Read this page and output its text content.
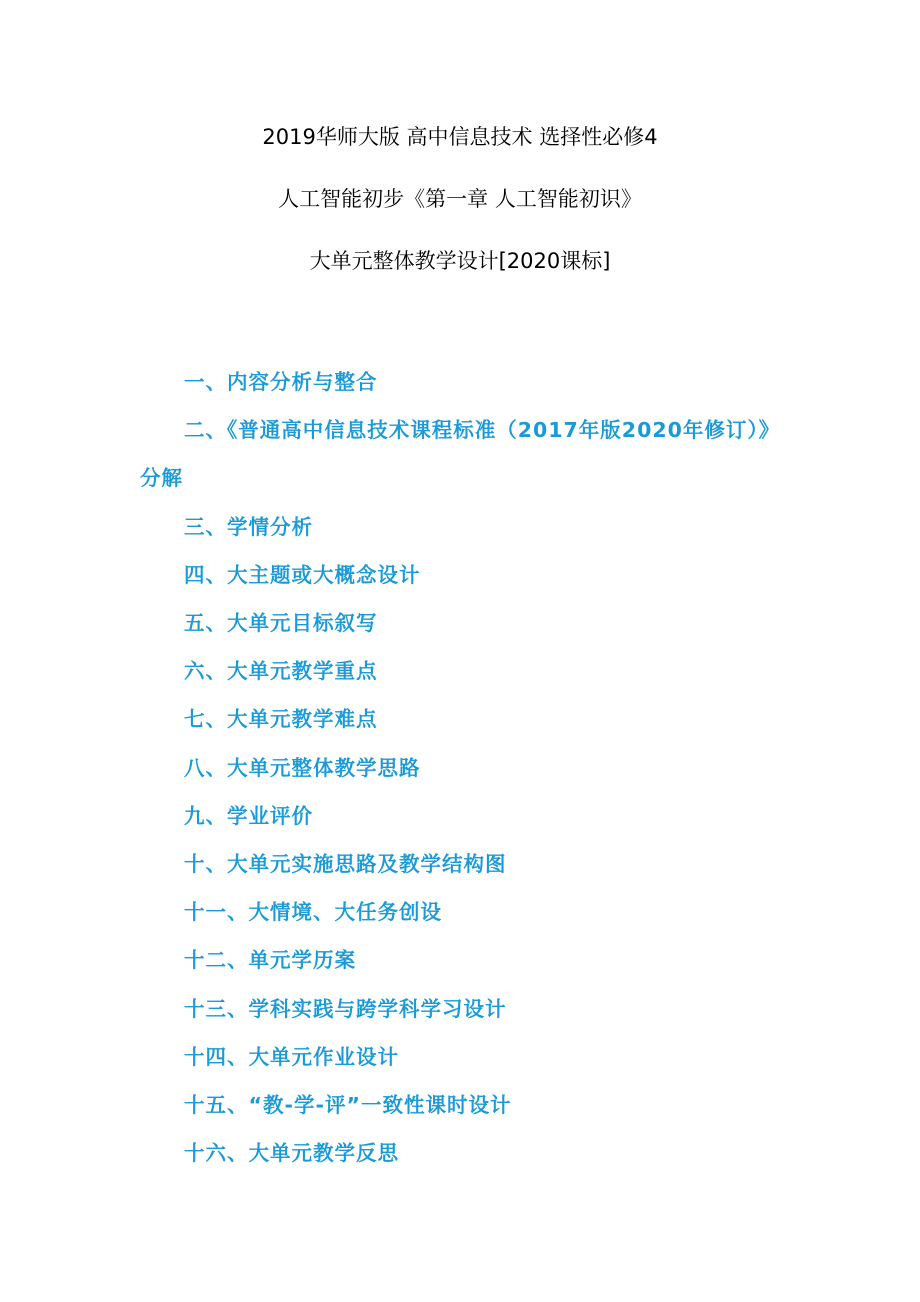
2019华师大版 高中信息技术 选择性必修4

人工智能初步《第一章 人工智能初识》

大单元整体教学设计[2020课标]

一、内容分析与整合
二、《普通高中信息技术课程标准（2017年版2020年修订）》分解
三、学情分析
四、大主题或大概念设计
五、大单元目标叙写
六、大单元教学重点
七、大单元教学难点
八、大单元整体教学思路
九、学业评价
十、大单元实施思路及教学结构图
十一、大情境、大任务创设
十二、单元学历案
十三、学科实践与跨学科学习设计
十四、大单元作业设计
十五、“教-学-评”一致性课时设计
十六、大单元教学反思
